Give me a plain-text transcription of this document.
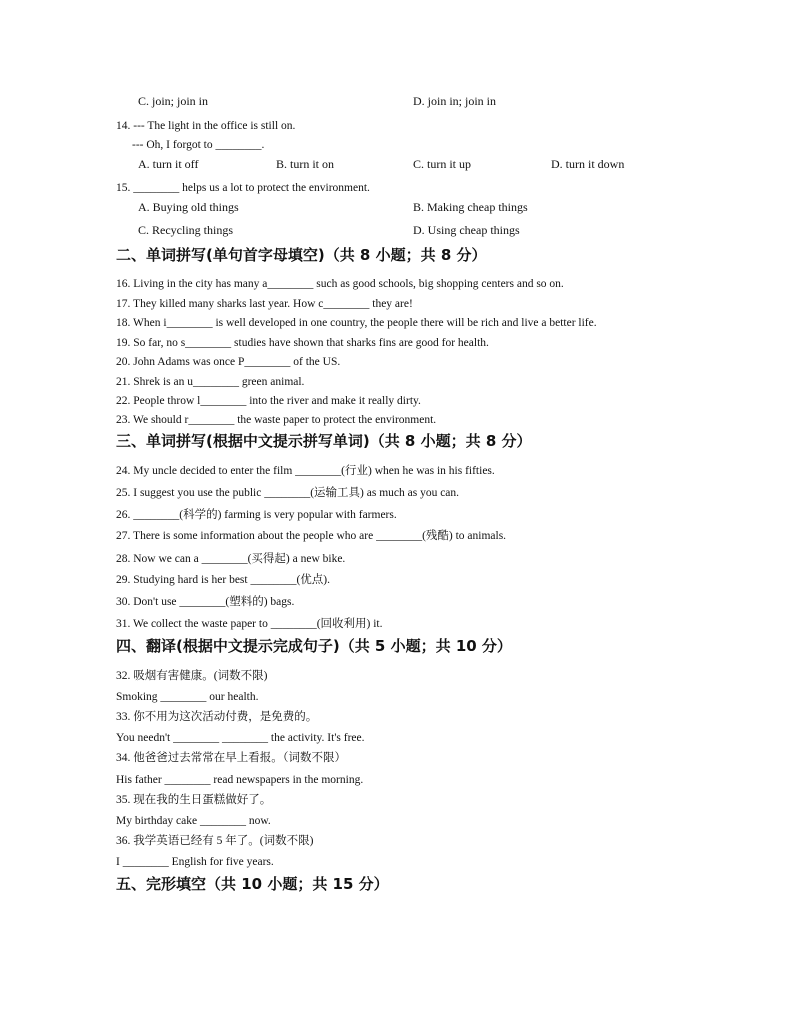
C. join; join in	D. join in; join in
14. --- The light in the office is still on.
--- Oh, I forgot to ________.
A. turn it off	B. turn it on	C. turn it up	D. turn it down
15. ________ helps us a lot to protect the environment.
A. Buying old things	B. Making cheap things
C. Recycling things	D. Using cheap things
二、单词拼写(单句首字母填空)（共 8 小题；共 8 分）
16. Living in the city has many a________ such as good schools, big shopping centers and so on.
17. They killed many sharks last year. How c________ they are!
18. When i________ is well developed in one country, the people there will be rich and live a better life.
19. So far, no s________ studies have shown that sharks fins are good for health.
20. John Adams was once P________ of the US.
21. Shrek is an u________ green animal.
22. People throw l________ into the river and make it really dirty.
23. We should r________ the waste paper to protect the environment.
三、单词拼写(根据中文提示拼写单词)（共 8 小题；共 8 分）
24. My uncle decided to enter the film ________(行业) when he was in his fifties.
25. I suggest you use the public ________(运输工具) as much as you can.
26. ________(科学的) farming is very popular with farmers.
27. There is some information about the people who are ________(残酷) to animals.
28. Now we can a ________(买得起) a new bike.
29. Studying hard is her best ________(优点).
30. Don't use ________(塑料的) bags.
31. We collect the waste paper to ________(回收利用) it.
四、翻译(根据中文提示完成句子)（共 5 小题；共 10 分）
32. 吸烟有害健康。(词数不限)
Smoking ________ our health.
33. 你不用为这次活动付费，是免费的。
You needn't ________ ________ the activity. It's free.
34. 他爸爸过去常常在早上看报。（词数不限）
His father ________ read newspapers in the morning.
35. 现在我的生日蛋糕做好了。
My birthday cake ________ now.
36. 我学英语已经有 5 年了。(词数不限)
I ________ English for five years.
五、完形填空（共 10 小题；共 15 分）
